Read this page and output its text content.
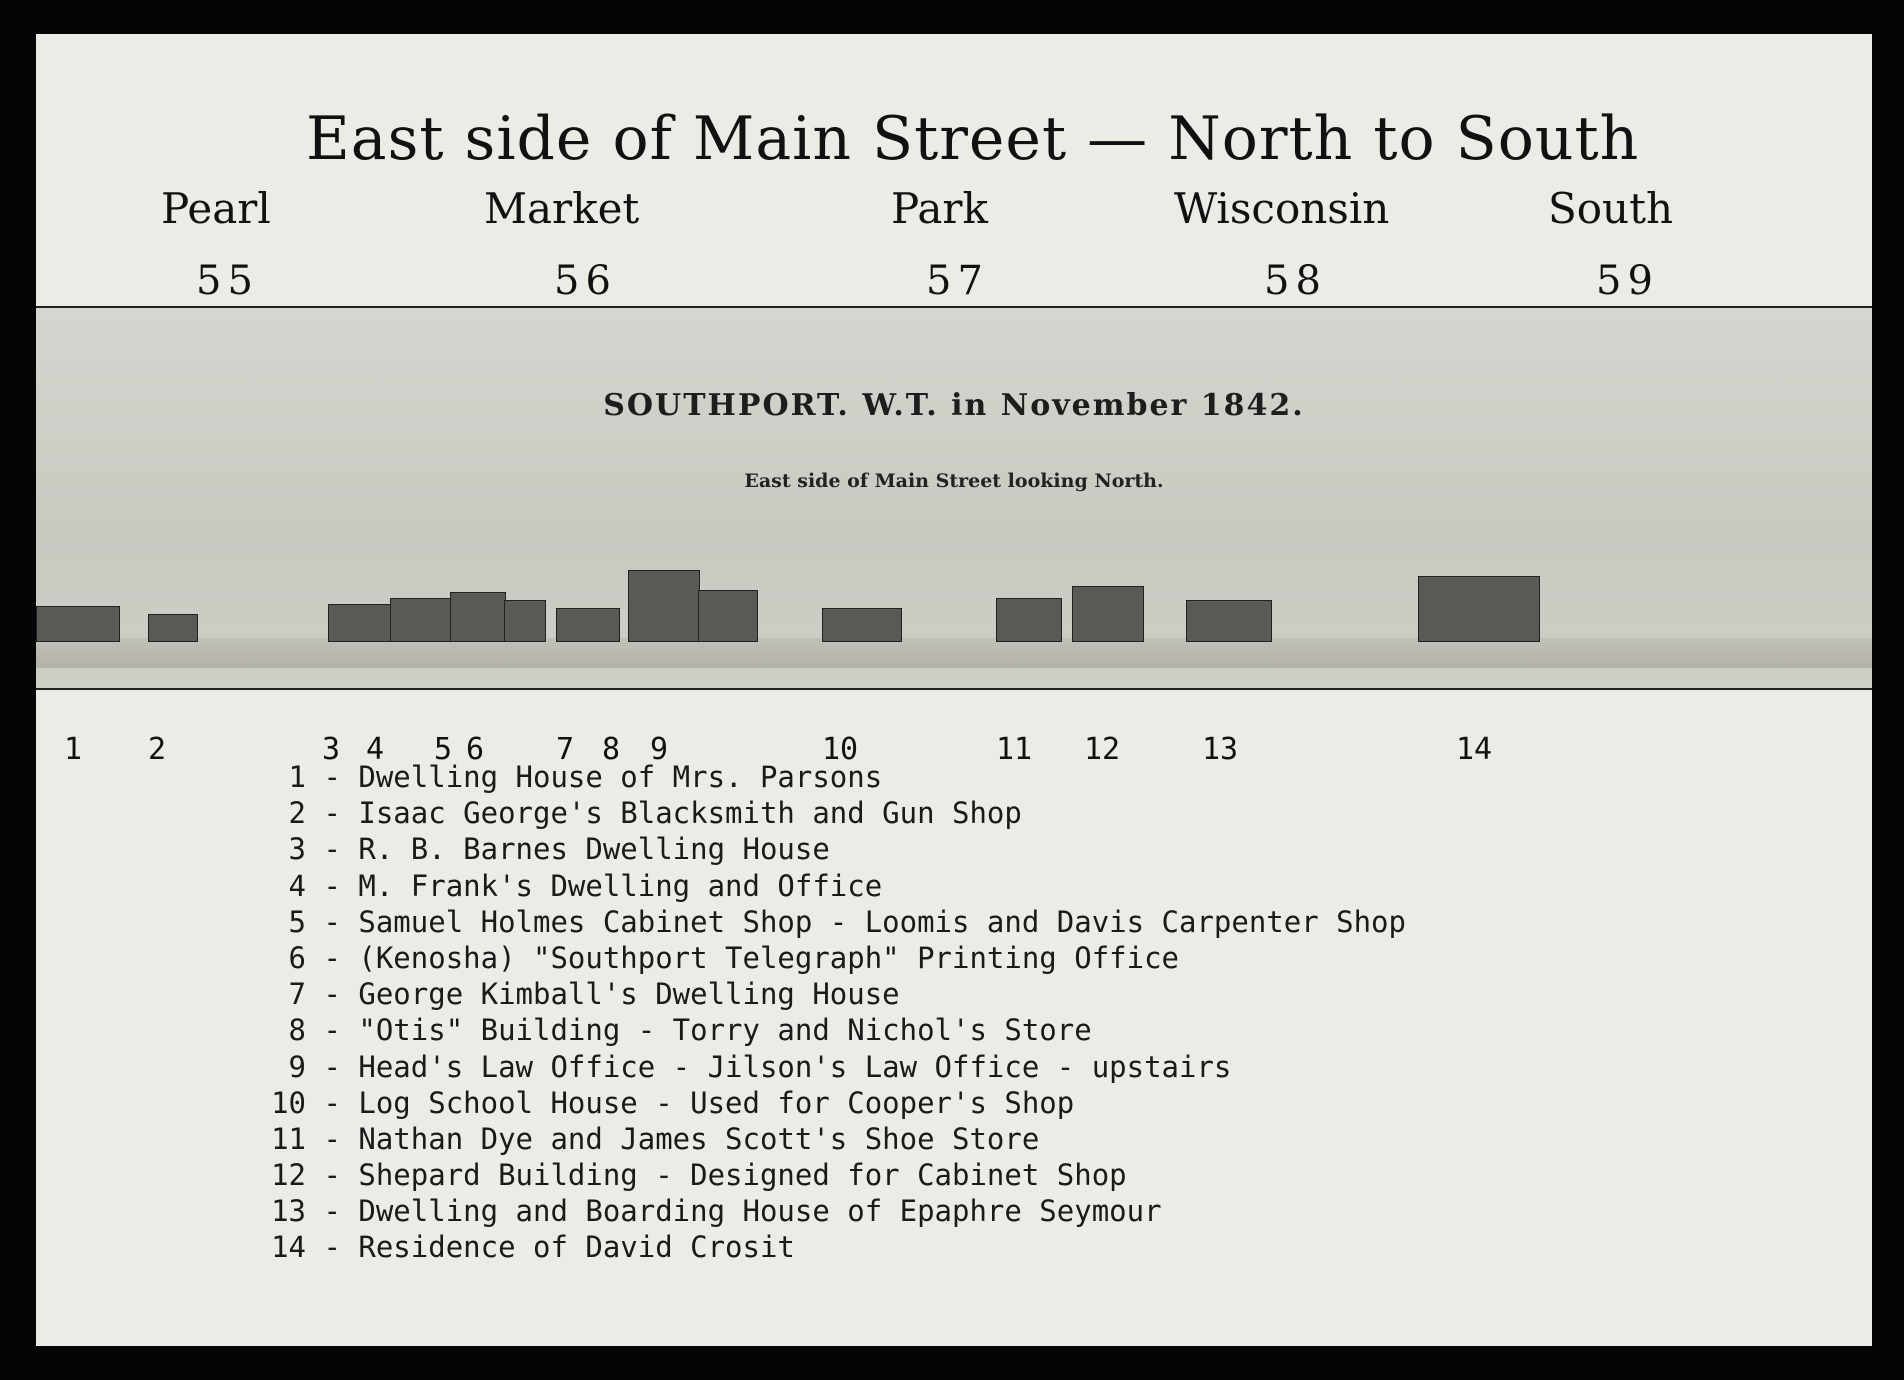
East side of Main Street — North to South
Pearl	Market	Park	Wisconsin	South
55	56	57	58	59
SOUTHPORT. W.T. in November 1842.
East side of Main Street looking North.
1 2	3 4 5 6 7 8 9	10	11 12	13	14
1 - Dwelling House of Mrs. Parsons
2 - Isaac George's Blacksmith and Gun Shop
3 - R. B. Barnes Dwelling House
4 - M. Frank's Dwelling and Office
5 - Samuel Holmes Cabinet Shop - Loomis and Davis Carpenter Shop
6 - (Kenosha) "Southport Telegraph" Printing Office
7 - George Kimball's Dwelling House
8 - "Otis" Building - Torry and Nichol's Store
9 - Head's Law Office - Jilson's Law Office - upstairs
10 - Log School House - Used for Cooper's Shop
11 - Nathan Dye and James Scott's Shoe Store
12 - Shepard Building - Designed for Cabinet Shop
13 - Dwelling and Boarding House of Epaphre Seymour
14 - Residence of David Crosit
